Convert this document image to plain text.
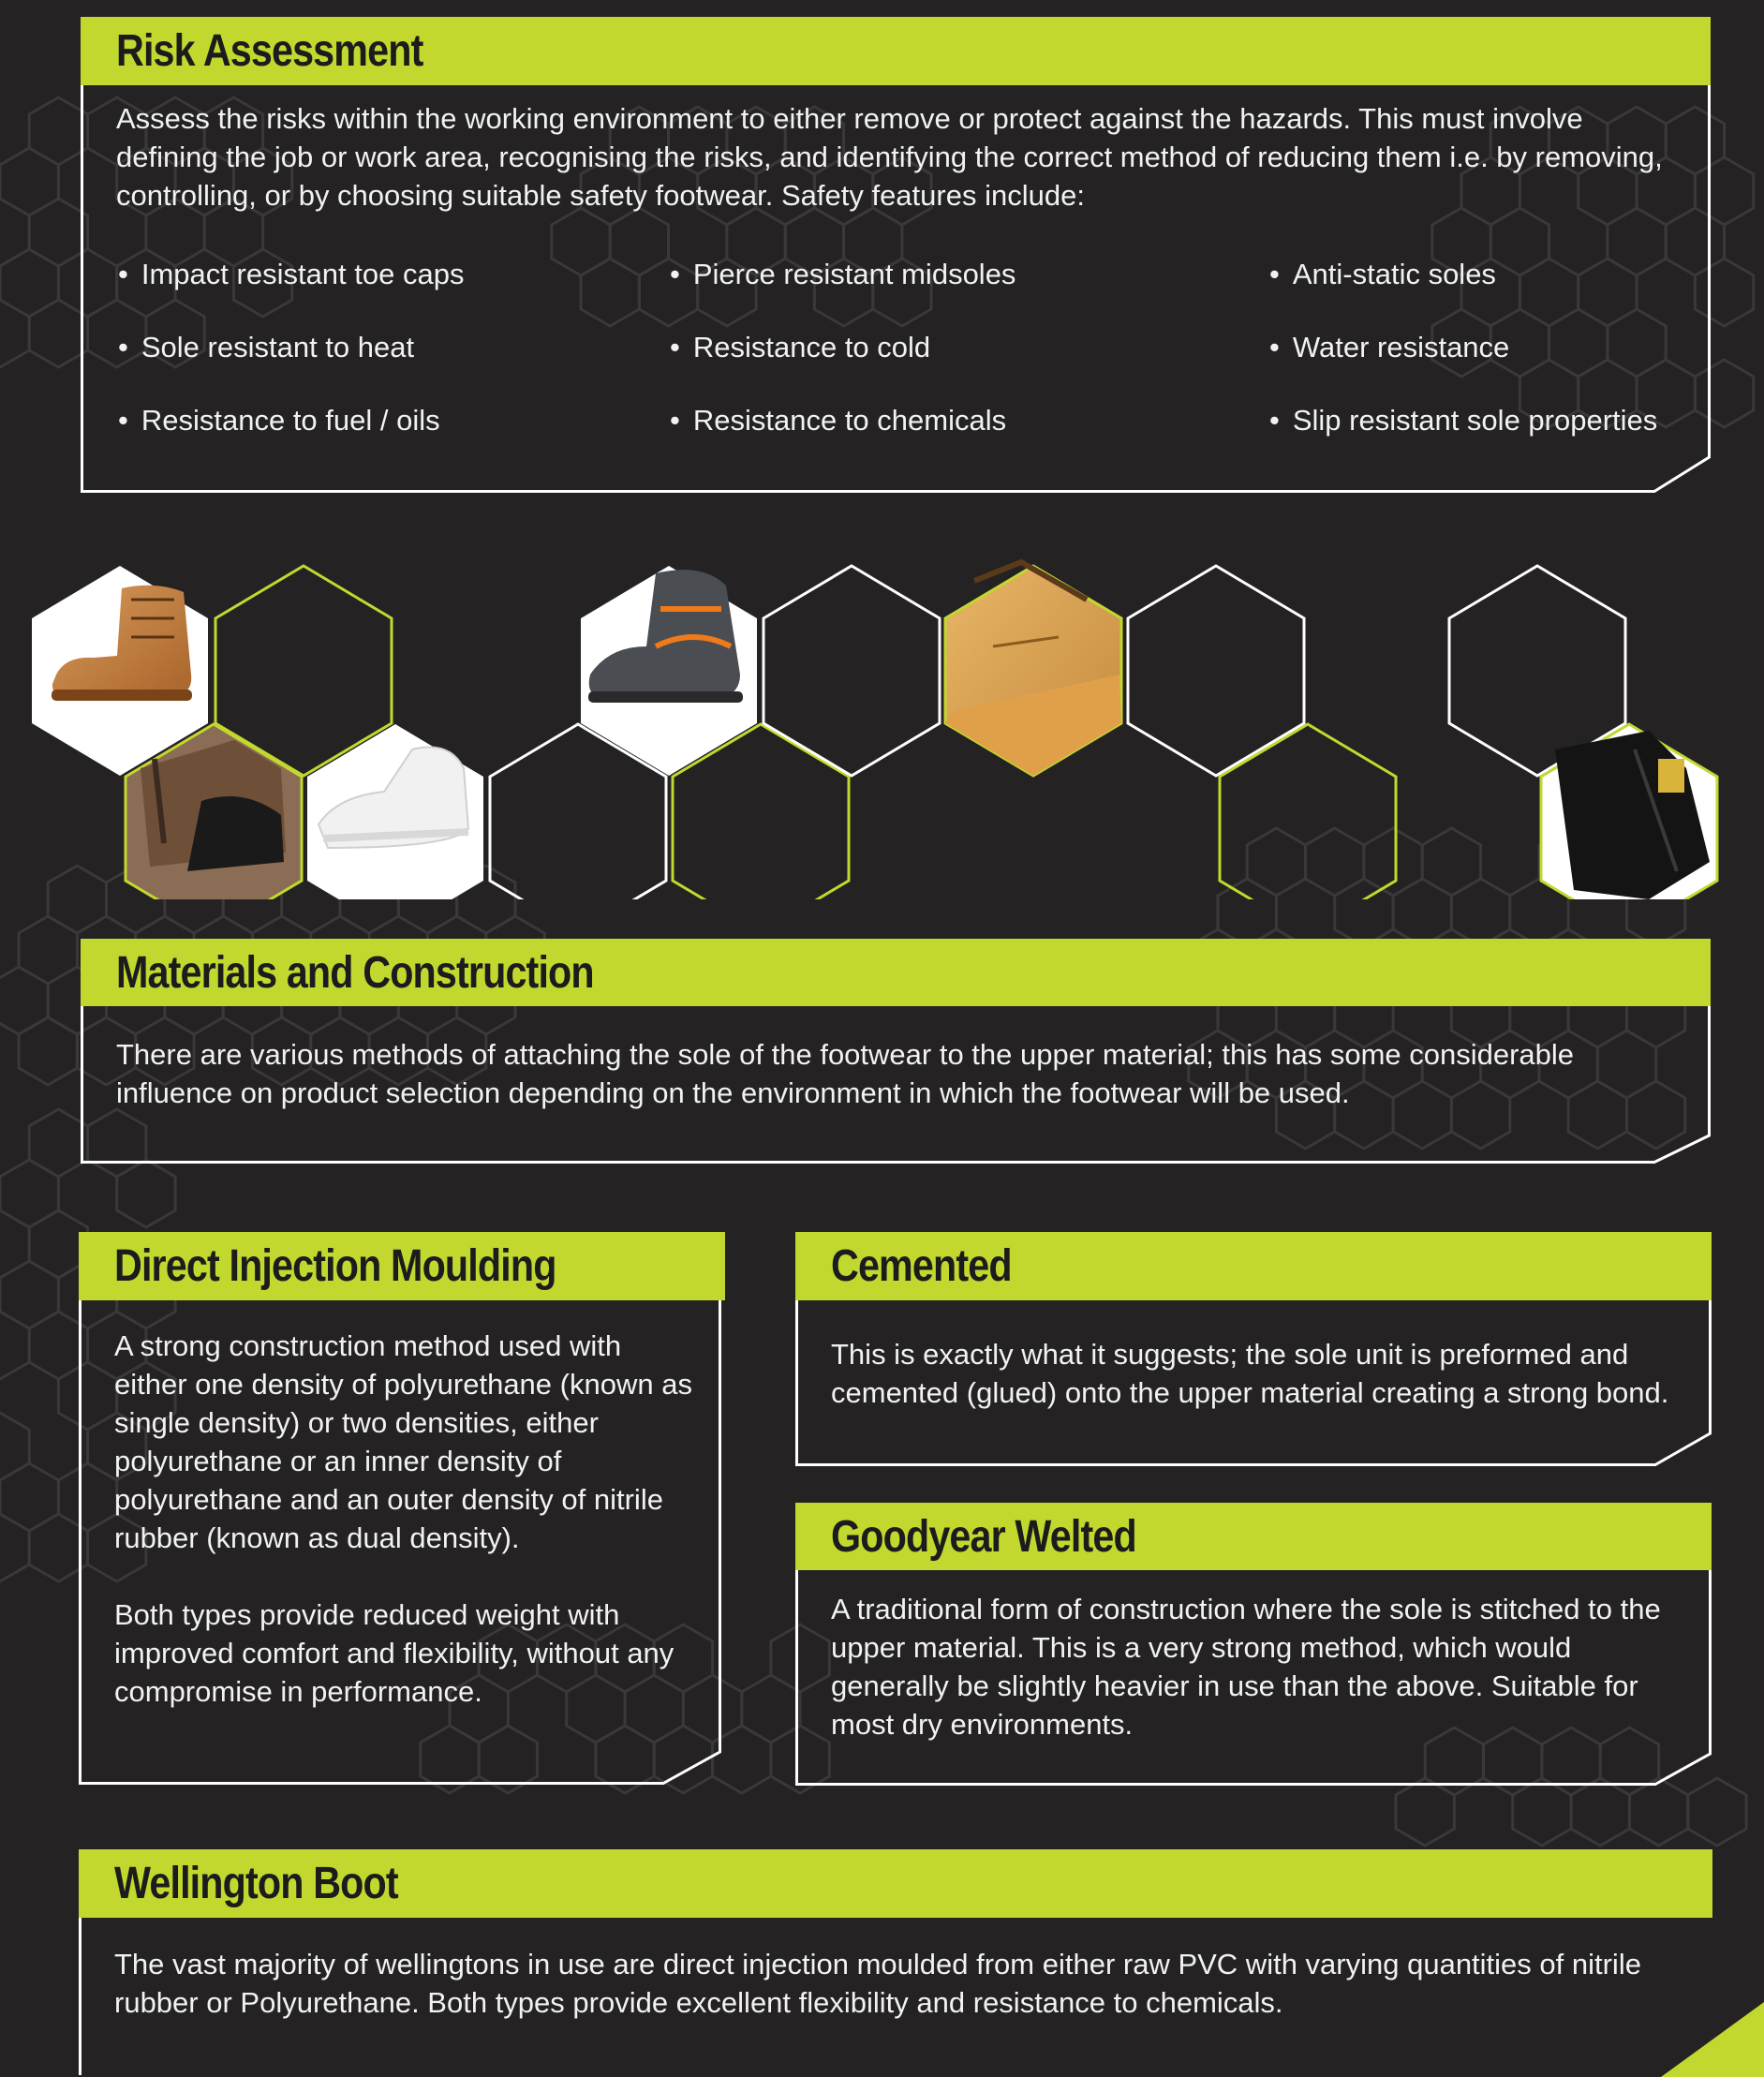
Risk Assessment
Assess the risks within the working environment to either remove or protect against the hazards. This must involve defining the job or work area, recognising the risks, and identifying the correct method of reducing them i.e. by removing, controlling, or by choosing suitable safety footwear. Safety features include:
• Impact resistant toe caps	• Pierce resistant midsoles	• Anti-static soles
• Sole resistant to heat	• Resistance to cold	• Water resistance
• Resistance to fuel / oils	• Resistance to chemicals	• Slip resistant sole properties
Materials and Construction
There are various methods of attaching the sole of the footwear to the upper material; this has some considerable influence on product selection depending on the environment in which the footwear will be used.
Direct Injection Moulding

A strong construction method used with either one density of polyurethane (known as single density) or two densities, either polyurethane or an inner density of polyurethane and an outer density of nitrile rubber (known as dual density).

Both types provide reduced weight with improved comfort and flexibility, without any compromise in performance.

Cemented
This is exactly what it suggests; the sole unit is preformed and cemented (glued) onto the upper material creating a strong bond.
Goodyear Welted
A traditional form of construction where the sole is stitched to the upper material. This is a very strong method, which would generally be slightly heavier in use than the above. Suitable for most dry environments.
Wellington Boot
The vast majority of wellingtons in use are direct injection moulded from either raw PVC with varying quantities of nitrile rubber or Polyurethane. Both types provide excellent flexibility and resistance to chemicals.
